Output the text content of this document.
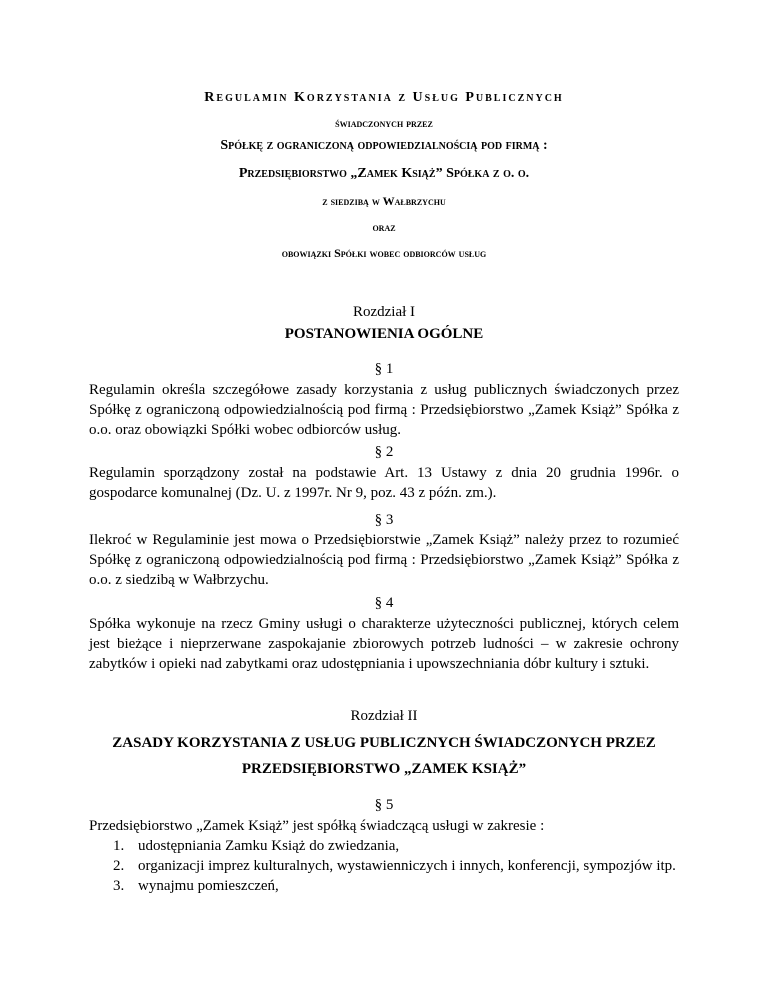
Regulamin Korzystania z Usług Publicznych
świadczonych przez
Spółkę z ograniczoną odpowiedzialnością pod firmą :
Przedsiębiorstwo „Zamek Książ” Spółka z o. o.
z siedzibą w Wałbrzychu
oraz
obowiązki Spółki wobec odbiorców usług
Rozdział I
POSTANOWIENIA OGÓLNE
§ 1
Regulamin określa szczegółowe zasady korzystania z usług publicznych świadczonych przez Spółkę z ograniczoną odpowiedzialnością pod firmą : Przedsiębiorstwo „Zamek Książ” Spółka z o.o. oraz obowiązki Spółki wobec odbiorców usług.
§ 2
Regulamin sporządzony został na podstawie Art. 13 Ustawy z dnia 20 grudnia 1996r. o gospodarce komunalnej (Dz. U. z 1997r. Nr 9, poz. 43 z późn. zm.).
§ 3
Ilekroć w Regulaminie jest mowa o Przedsiębiorstwie „Zamek Książ” należy przez to rozumieć Spółkę z ograniczoną odpowiedzialnością pod firmą : Przedsiębiorstwo „Zamek Książ” Spółka z o.o. z siedzibą w Wałbrzychu.
§ 4
Spółka wykonuje na rzecz Gminy usługi o charakterze użyteczności publicznej, których celem jest bieżące i nieprzerwane zaspokajanie zbiorowych potrzeb ludności – w zakresie ochrony zabytków i opieki nad zabytkami oraz udostępniania i upowszechniania dóbr kultury i sztuki.
Rozdział II
ZASADY KORZYSTANIA Z USŁUG PUBLICZNYCH ŚWIADCZONYCH PRZEZ
PRZEDSIĘBIORSTWO „ZAMEK KSIĄŻ”
§ 5
Przedsiębiorstwo „Zamek Książ” jest spółką świadczącą usługi w zakresie :
1. udostępniania Zamku Książ do zwiedzania,
2. organizacji imprez kulturalnych, wystawienniczych i innych, konferencji, sympozjów itp.
3. wynajmu pomieszczeń,
